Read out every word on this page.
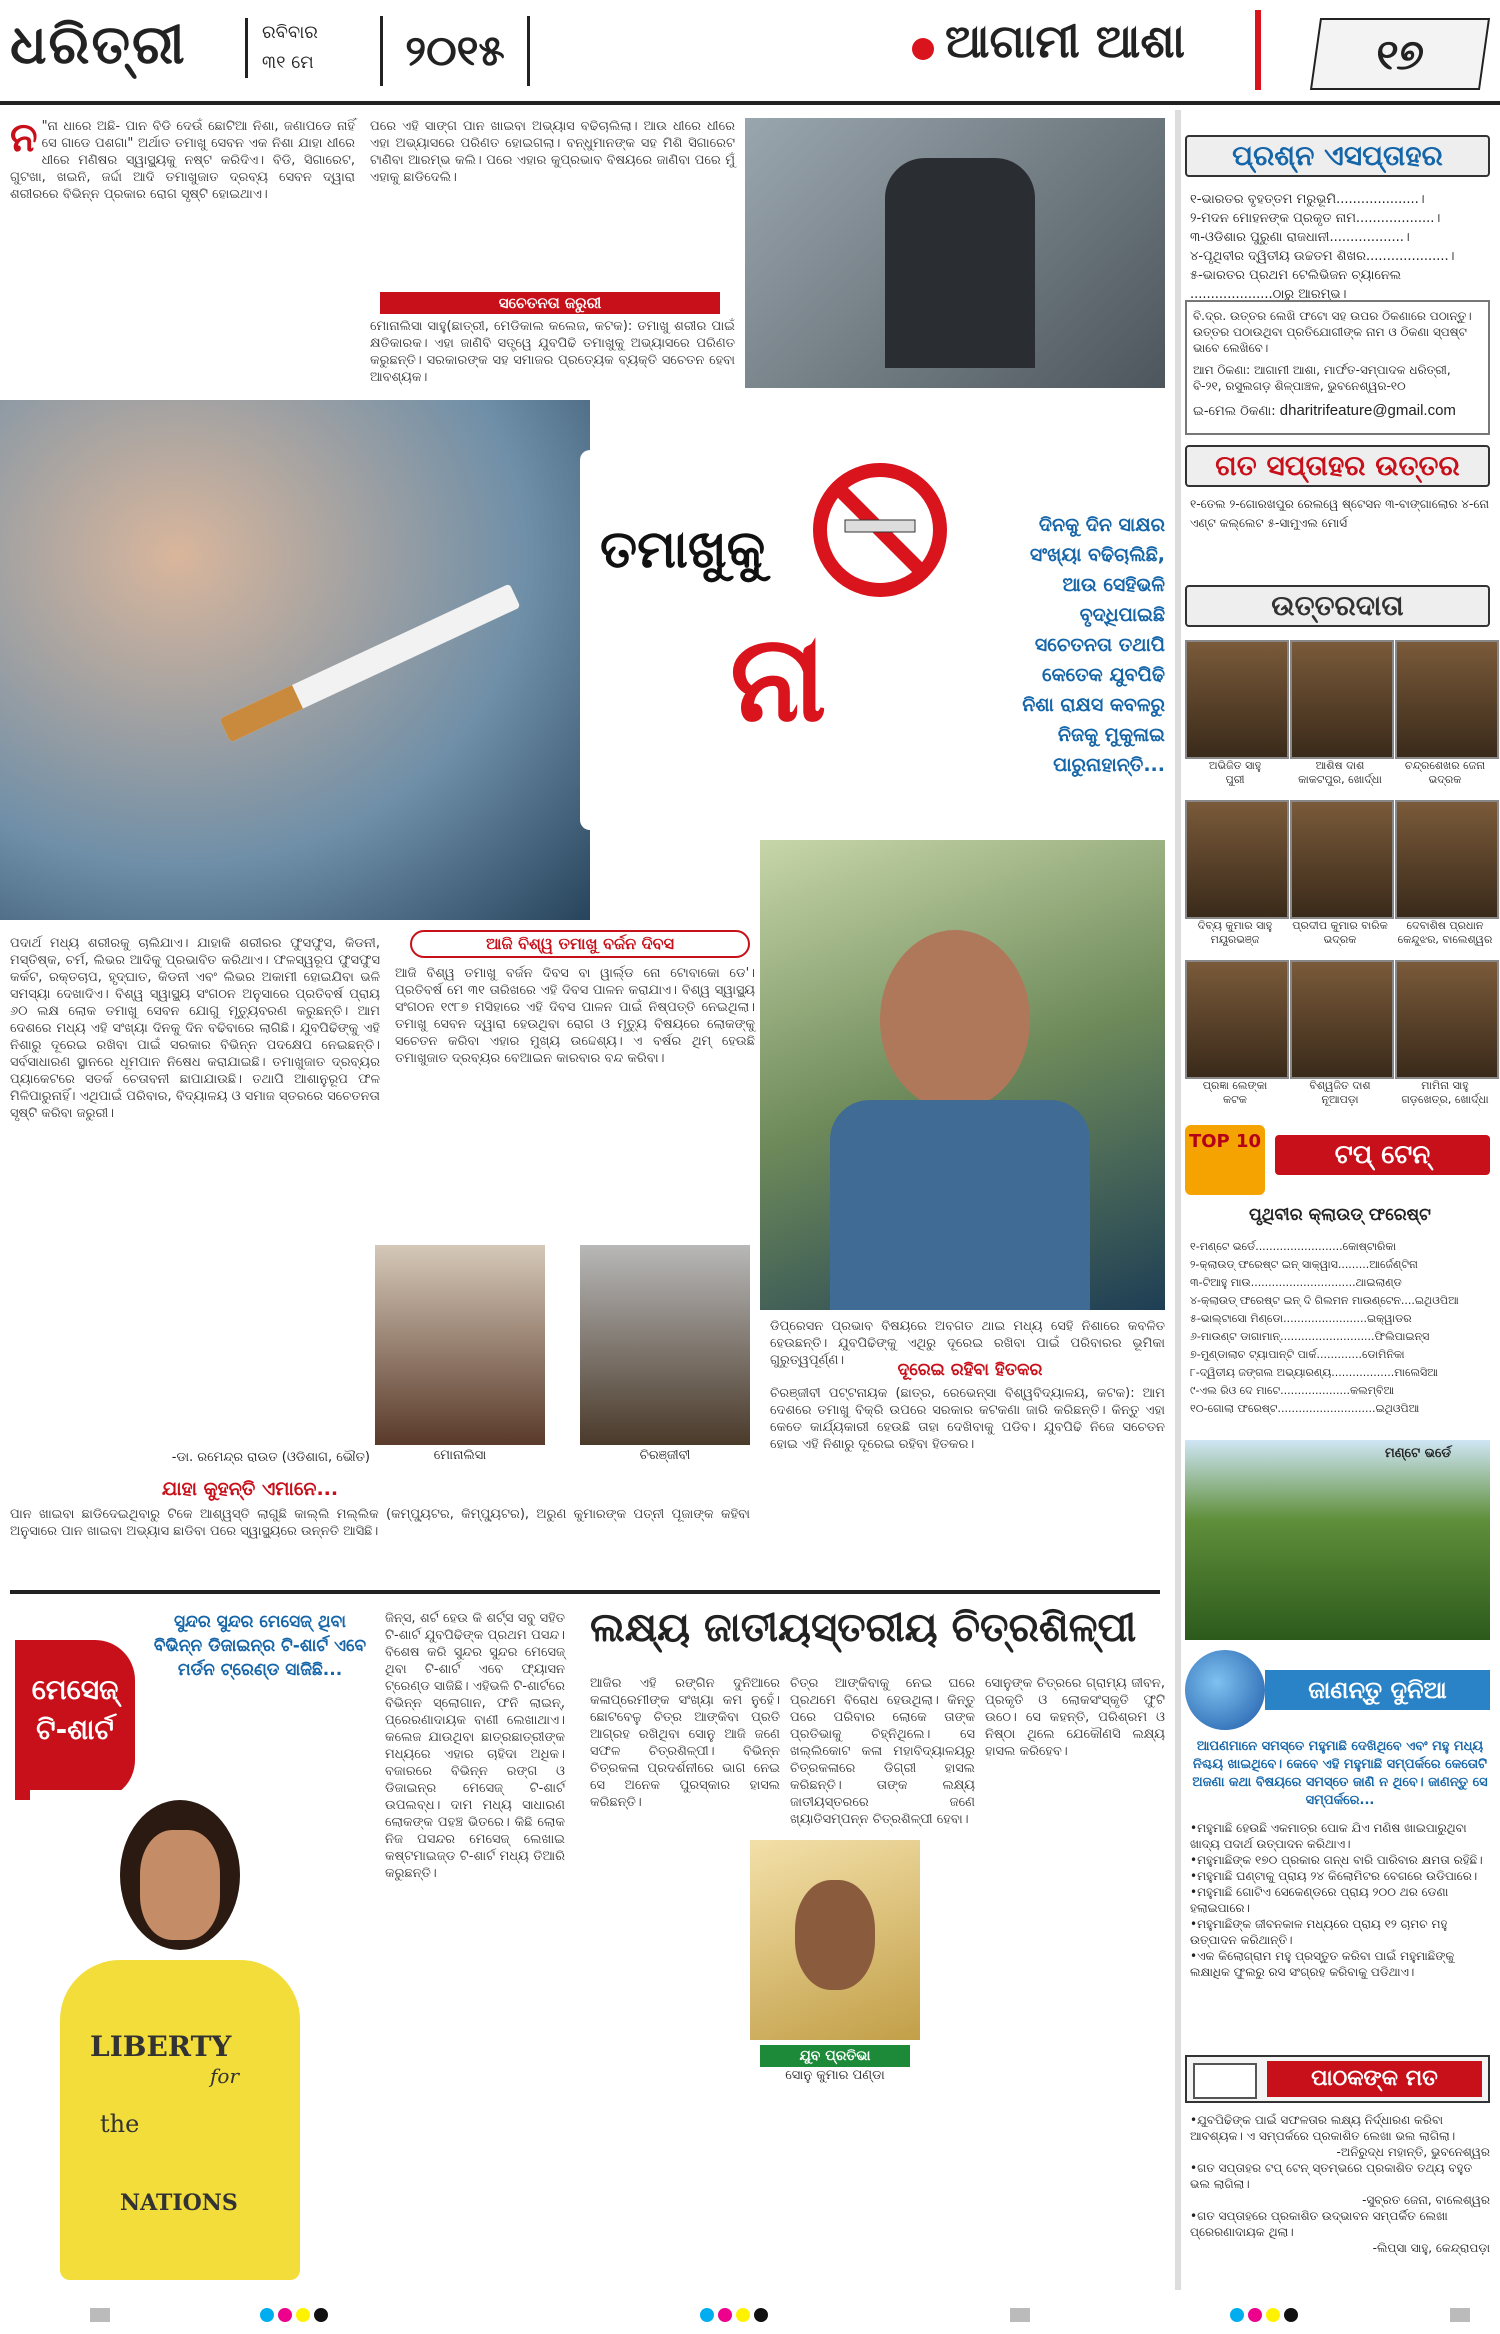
ଧରିତ୍ରୀ	ରବିବାର
୩୧ ମେ	୨୦୧୫	ଆଗାମୀ ଆଶା	୧୭
ନ "ନା ଧାରେ ଅଛି- ପାନ ବିଡି ଦେଉଁ ଛୋଟିଆ ନିଶା, ଜଣାପଡେ ନାହିଁ ସେ ଗାଡେ ପଶଗା" ଅର୍ଥାତ ତମାଖୁ ସେବନ ଏକ ନିଶା ଯାହା ଧୀରେ ଧୀରେ ମଣିଷର ସ୍ୱାସ୍ଥ୍ୟକୁ ନଷ୍ଟ କରିଦିଏ। ବିଡି, ସିଗାରେଟ, ଗୁଟଖା, ଖଇନି, ଜର୍ଦ୍ଦା ଆଦି ତମାଖୁଜାତ ଦ୍ରବ୍ୟ ସେବନ ଦ୍ୱାରା ଶରୀରରେ ବିଭିନ୍ନ ପ୍ରକାର ରୋଗ ସୃଷ୍ଟି ହୋଇଥାଏ।
ପରେ ଏହି ସାଙ୍ଗ ପାନ ଖାଇବା ଅଭ୍ୟାସ ବଢିଚାଲିଲା। ଆଉ ଧୀରେ ଧୀରେ ଏହା ଅଭ୍ୟାସରେ ପରିଣତ ହୋଇଗଲା। ବନ୍ଧୁମାନଙ୍କ ସହ ମିଶି ସିଗାରେଟ ଟାଣିବା ଆରମ୍ଭ କଲି। ପରେ ଏହାର କୁପ୍ରଭାବ ବିଷୟରେ ଜାଣିବା ପରେ ମୁଁ ଏହାକୁ ଛାଡିଦେଲି।
ସଚେତନତା ଜରୁରୀ
ମୋନାଲିସା ସାହୁ(ଛାତ୍ରୀ, ମେଡିକାଲ କଲେଜ, କଟକ): ତମାଖୁ ଶରୀର ପାଇଁ କ୍ଷତିକାରକ। ଏହା ଜାଣିବି ସତ୍ତ୍ୱେ ଯୁବପିଢି ତମାଖୁକୁ ଅଭ୍ୟାସରେ ପରିଣତ କରୁଛନ୍ତି। ସରକାରଙ୍କ ସହ ସମାଜର ପ୍ରତ୍ୟେକ ବ୍ୟକ୍ତି ସଚେତନ ହେବା ଆବଶ୍ୟକ।
ତମାଖୁକୁ
ନା
ଦିନକୁ ଦିନ ସାକ୍ଷର ସଂଖ୍ୟା ବଢିଚାଲିଛି, ଆଉ ସେହିଭଳି ବୃଦ୍ଧିପାଇଛି ସଚେତନତା ତଥାପି କେତେକ ଯୁବପିଢି ନିଶା ରାକ୍ଷସ କବଳରୁ ନିଜକୁ ମୁକୁଳାଇ ପାରୁନାହାନ୍ତି...
ପଦାର୍ଥ ମଧ୍ୟ ଶରୀରକୁ ଚାଲିଯାଏ। ଯାହାକି ଶରୀରର ଫୁସଫୁସ, କିଡନୀ, ମସ୍ତିଷ୍କ, ଚର୍ମ, ଲିଭର ଆଦିକୁ ପ୍ରଭାବିତ କରିଥାଏ। ଫଳସ୍ୱରୂପ ଫୁସଫୁସ କର୍କଟ, ରକ୍ତଚାପ, ହୃଦ୍‌ଘାତ, କିଡନୀ ଏବଂ ଲିଭର ଅକାମୀ ହୋଇଯିବା ଭଳି ସମସ୍ୟା ଦେଖାଦିଏ। ବିଶ୍ୱ ସ୍ୱାସ୍ଥ୍ୟ ସଂଗଠନ ଅନୁସାରେ ପ୍ରତିବର୍ଷ ପ୍ରାୟ ୬୦ ଲକ୍ଷ ଲୋକ ତମାଖୁ ସେବନ ଯୋଗୁ ମୃତ୍ୟୁବରଣ କରୁଛନ୍ତି। ଆମ ଦେଶରେ ମଧ୍ୟ ଏହି ସଂଖ୍ୟା ଦିନକୁ ଦିନ ବଢିବାରେ ଲାଗିଛି। ଯୁବପିଢିଙ୍କୁ ଏହି ନିଶାରୁ ଦୂରେଇ ରଖିବା ପାଇଁ ସରକାର ବିଭିନ୍ନ ପଦକ୍ଷେପ ନେଇଛନ୍ତି। ସର୍ବସାଧାରଣ ସ୍ଥାନରେ ଧୂମପାନ ନିଷେଧ କରାଯାଇଛି। ତମାଖୁଜାତ ଦ୍ରବ୍ୟର ପ୍ୟାକେଟରେ ସତର୍କ ଚେତାବନୀ ଛାପାଯାଉଛି। ତଥାପି ଆଶାନୁରୂପ ଫଳ ମିଳିପାରୁନାହିଁ। ଏଥିପାଇଁ ପରିବାର, ବିଦ୍ୟାଳୟ ଓ ସମାଜ ସ୍ତରରେ ସଚେତନତା ସୃଷ୍ଟି କରିବା ଜରୁରୀ।
-ଡା. ରମେନ୍ଦ୍ର ରାଉତ (ଓଡିଶାଗ, ଭୌତ)
ଆଜି ବିଶ୍ୱ ତମାଖୁ ବର୍ଜନ ଦିବସ
ଆଜି ବିଶ୍ୱ ତମାଖୁ ବର୍ଜନ ଦିବସ ବା ୱାର୍ଲ୍ଡ ନୋ ଟୋବାକୋ ଡେ'। ପ୍ରତିବର୍ଷ ମେ ୩୧ ତାରିଖରେ ଏହି ଦିବସ ପାଳନ କରାଯାଏ। ବିଶ୍ୱ ସ୍ୱାସ୍ଥ୍ୟ ସଂଗଠନ ୧୯୮୭ ମସିହାରେ ଏହି ଦିବସ ପାଳନ ପାଇଁ ନିଷ୍ପତ୍ତି ନେଇଥିଲା। ତମାଖୁ ସେବନ ଦ୍ୱାରା ହେଉଥିବା ରୋଗ ଓ ମୃତ୍ୟୁ ବିଷୟରେ ଲୋକଙ୍କୁ ସଚେତନ କରିବା ଏହାର ମୁଖ୍ୟ ଉଦ୍ଦେଶ୍ୟ। ଏ ବର୍ଷର ଥିମ୍ ହେଉଛି ତମାଖୁଜାତ ଦ୍ରବ୍ୟର ବେଆଇନ କାରବାର ବନ୍ଦ କରିବା।
ମୋନାଲିସା	ଚିରଞ୍ଜୀବୀ
ଡିପ୍ରେସନ ପ୍ରଭାବ ବିଷୟରେ ଅବଗତ ଥାଇ ମଧ୍ୟ ସେହି ନିଶାରେ କବଳିତ ହେଉଛନ୍ତି। ଯୁବପିଢିଙ୍କୁ ଏଥିରୁ ଦୂରେଇ ରଖିବା ପାଇଁ ପରିବାରର ଭୂମିକା ଗୁରୁତ୍ୱପୂର୍ଣ୍ଣ।	ଦୂରେଇ ରହିବା ହିତକର
ଚିରଞ୍ଜୀବୀ ପଟ୍ଟନାୟକ (ଛାତ୍ର, ରେଭେନ୍ସା ବିଶ୍ୱବିଦ୍ୟାଳୟ, କଟକ): ଆମ ଦେଶରେ ତମାଖୁ ବିକ୍ରି ଉପରେ ସରକାର କଟକଣା ଜାରି କରିଛନ୍ତି। କିନ୍ତୁ ଏହା କେତେ କାର୍ଯ୍ୟକାରୀ ହେଉଛି ତାହା ଦେଖିବାକୁ ପଡିବ। ଯୁବପିଢି ନିଜେ ସଚେତନ ହୋଇ ଏହି ନିଶାରୁ ଦୂରେଇ ରହିବା ହିତକର।
ଯାହା କୁହନ୍ତି ଏମାନେ...
ପାନ ଖାଇବା ଛାଡିଦେଇଥିବାରୁ ଟିକେ ଆଶ୍ୱସ୍ତି ଲାଗୁଛି କାଲ୍ଲି ମଲ୍ଲିକ (କମ୍ପ୍ୟୁଟର, କିମ୍ପ୍ୟୁଟର), ଅରୁଣ କୁମାରଙ୍କ ପତ୍ନୀ ପୂଜାଙ୍କ କହିବା ଅନୁସାରେ ପାନ ଖାଇବା ଅଭ୍ୟାସ ଛାଡିବା ପରେ ସ୍ୱାସ୍ଥ୍ୟରେ ଉନ୍ନତି ଆସିଛି।
ମେସେଜ୍ ଟି-ଶାର୍ଟ
ସୁନ୍ଦର ସୁନ୍ଦର ମେସେଜ୍ ଥିବା ବିଭିନ୍ନ ଡିଜାଇନ୍‌ର ଟି-ଶାର୍ଟ ଏବେ ମର୍ଡନ ଟ୍ରେଣ୍ଡ ସାଜିଛି...
LIBERTY
for
the
NATIONS
ଜିନ୍ସ, ଶର୍ଟ ହେଉ କି ଶର୍ଟ୍ସ ସବୁ ସହିତ ଟି-ଶାର୍ଟ ଯୁବପିଢିଙ୍କ ପ୍ରଥମ ପସନ୍ଦ। ବିଶେଷ କରି ସୁନ୍ଦର ସୁନ୍ଦର ମେସେଜ୍ ଥିବା ଟି-ଶାର୍ଟ ଏବେ ଫ୍ୟାସନ ଟ୍ରେଣ୍ଡ ସାଜିଛି। ଏହିଭଳି ଟି-ଶାର୍ଟରେ ବିଭିନ୍ନ ସ୍ଲୋଗାନ, ଫନି ଲାଇନ୍, ପ୍ରେରଣାଦାୟକ ବାଣୀ ଲେଖାଥାଏ। କଲେଜ ଯାଉଥିବା ଛାତ୍ରଛାତ୍ରୀଙ୍କ ମଧ୍ୟରେ ଏହାର ଚାହିଦା ଅଧିକ। ବଜାରରେ ବିଭିନ୍ନ ରଙ୍ଗ ଓ ଡିଜାଇନ୍‌ର ମେସେଜ୍ ଟି-ଶାର୍ଟ ଉପଲବ୍ଧ। ଦାମ ମଧ୍ୟ ସାଧାରଣ ଲୋକଙ୍କ ପହଞ୍ଚ ଭିତରେ। କିଛି ଲୋକ ନିଜ ପସନ୍ଦର ମେସେଜ୍ ଲେଖାଇ କଷ୍ଟମାଇଜ୍ଡ ଟି-ଶାର୍ଟ ମଧ୍ୟ ତିଆରି କରୁଛନ୍ତି।
ଲକ୍ଷ୍ୟ ଜାତୀୟସ୍ତରୀୟ ଚିତ୍ରଶିଳ୍ପୀ
ଆଜିର ଏହି ରଙ୍ଗିନ ଦୁନିଆରେ କଳାପ୍ରେମୀଙ୍କ ସଂଖ୍ୟା କମ ନୁହେଁ। ଛୋଟବେଳୁ ଚିତ୍ର ଆଙ୍କିବା ପ୍ରତି ଆଗ୍ରହ ରଖିଥିବା ସୋନୁ ଆଜି ଜଣେ ସଫଳ ଚିତ୍ରଶିଳ୍ପୀ। ବିଭିନ୍ନ ଚିତ୍ରକଳା ପ୍ରଦର୍ଶନୀରେ ଭାଗ ନେଇ ସେ ଅନେକ ପୁରସ୍କାର ହାସଲ କରିଛନ୍ତି।
ଚିତ୍ର ଆଙ୍କିବାକୁ ନେଇ ଘରେ ପ୍ରଥମେ ବିରୋଧ ହେଉଥିଲା। କିନ୍ତୁ ପରେ ପରିବାର ଲୋକେ ତାଙ୍କ ପ୍ରତିଭାକୁ ଚିହ୍ନିଥିଲେ। ସେ ଖଲ୍ଲିକୋଟ କଳା ମହାବିଦ୍ୟାଳୟରୁ ଚିତ୍ରକଳାରେ ଡିଗ୍ରୀ ହାସଲ କରିଛନ୍ତି। ତାଙ୍କ ଲକ୍ଷ୍ୟ ଜାତୀୟସ୍ତରରେ ଜଣେ ଖ୍ୟାତିସମ୍ପନ୍ନ ଚିତ୍ରଶିଳ୍ପୀ ହେବା।
ସୋନୁଙ୍କ ଚିତ୍ରରେ ଗ୍ରାମ୍ୟ ଜୀବନ, ପ୍ରକୃତି ଓ ଲୋକସଂସ୍କୃତି ଫୁଟି ଉଠେ। ସେ କହନ୍ତି, ପରିଶ୍ରମ ଓ ନିଷ୍ଠା ଥିଲେ ଯେକୌଣସି ଲକ୍ଷ୍ୟ ହାସଲ କରିହେବ।
ଯୁବ ପ୍ରତିଭା
ସୋନୁ କୁମାର ପଣ୍ଡା
ପ୍ରଶ୍ନ ଏସପ୍ତାହର
୧-ଭାରତର ବୃହତ୍ତମ ମରୁଭୂମି....................।
୨-ମଦନ ମୋହନଙ୍କ ପ୍ରକୃତ ନାମ...................।
୩-ଓଡିଶାର ପୁରୁଣା ରାଜଧାନୀ..................।
୪-ପୃଥିବୀର ଦ୍ୱିତୀୟ ଉଚ୍ଚତମ ଶିଖର....................।
୫-ଭାରତର ପ୍ରଥମ ଟେଲିଭିଜନ ଚ୍ୟାନେଲ ....................ଠାରୁ ଆରମ୍ଭ।
ବି.ଦ୍ର. ଉତ୍ତର ଲେଖି ଫଟୋ ସହ ଉପର ଠିକଣାରେ ପଠାନ୍ତୁ। ଉତ୍ତର ପଠାଉଥିବା ପ୍ରତିଯୋଗୀଙ୍କ ନାମ ଓ ଠିକଣା ସ୍ପଷ୍ଟ ଭାବେ ଲେଖିବେ।
ଆମ ଠିକଣା: ଆଗାମୀ ଆଶା, ମାର୍ଫତ-ସମ୍ପାଦକ ଧରିତ୍ରୀ, ବି-୨୧, ରସୁଲଗଡ଼ ଶିଳ୍ପାଞ୍ଚଳ, ଭୁବନେଶ୍ୱର-୧୦
ଇ-ମେଲ ଠିକଣା: dharitrifeature@gmail.com
ଗତ ସପ୍ତାହର ଉତ୍ତର
୧-ତେଲ ୨-ଗୋରଖପୁର ରେଲୱେ ଷ୍ଟେସନ ୩-ବାଙ୍ଗାଲୋର ୪-ନୋ ଏଣ୍ଟ କଲ୍ଲେଟ ୫-ସାମୁଏଲ ମୋର୍ସ
ଉତ୍ତରଦାତା
ଅଭିଜିତ ସାହୁ
ପୁରୀ
ଆଶିଷ ଦାଶ
କାକଟପୁର, ଖୋର୍ଦ୍ଧା
ଚନ୍ଦ୍ରଶେଖର ଜେନା
ଭଦ୍ରକ
ଦିବ୍ୟ କୁମାର ସାହୁ
ମୟୂରଭଞ୍ଜ
ପ୍ରଦୀପ କୁମାର ବାରିକ
ଭଦ୍ରକ
ଦେବାଶିଷ ପ୍ରଧାନ
କେନ୍ଦୁଝର, ବାଲେଶ୍ୱର
ପ୍ରଜ୍ଞା ଲେଙ୍କା
କଟକ
ବିଶ୍ୱଜିତ ଦାଶ
ନୂଆପଡ଼ା
ମାମିନା ସାହୁ
ଗଡ଼ଖେତ୍ର, ଖୋର୍ଦ୍ଧା
TOP 10	ଟପ୍ ଟେନ୍
ପୃଥିବୀର କ୍ଲାଉଡ୍ ଫରେଷ୍ଟ
୧-ମଣ୍ଟେ ଭର୍ଡେ.........................କୋଷ୍ଟାରିକା
୨-କ୍ଲାଉଡ୍ ଫରେଷ୍ଟ ଇନ୍ ସାକ୍ୱାସ.........ଆର୍ଜେଣ୍ଟିନା
୩-ଟିଆହୁ ମାଉ..............................ଥାଇଲାଣ୍ଡ
୪-କ୍ଲାଉଡ୍ ଫରେଷ୍ଟ ଇନ୍ ଦି ଗିଲମନ ମାଉଣ୍ଟେନ....ଇଥିଓପିଆ
୫-ଭାଲ୍ଟାସୋ ମିଣ୍ଡୋ........................ଇକ୍ୱାଡର
୬-ମାଉଣ୍ଟ ଡାଗାମାନ୍...........................ଫିଲିପାଇନ୍ସ
୭-ମୁଣ୍ଡାଲାଚ ଟ୍ୟାପାନ୍‌ଟି ପାର୍କ.............ଡୋମିନିକା
୮-ଦ୍ୱିତୀୟ ଜଙ୍ଗଲ ଅଭ୍ୟାରଣ୍ୟ..................ମାଲେସିଆ
୯-ଏଲ ରିଓ ଦେ ମାଟେ....................କଲମ୍ବିଆ
୧୦-ଗୋଲା ଫରେଷ୍ଟ............................ଇଥିଓପିଆ
ମଣ୍ଟେ ଭର୍ଡେ
ଜାଣନ୍ତୁ ଦୁନିଆ
ଆପଣମାନେ ସମସ୍ତେ ମହୁମାଛି ଦେଖିଥିବେ ଏବଂ ମହୁ ମଧ୍ୟ ନିଶ୍ଚୟ ଖାଇଥିବେ। କେବେ ଏହି ମହୁମାଛି ସମ୍ପର୍କରେ କେତୋଟି ଅଜଣା କଥା ବିଷୟରେ ସମସ୍ତେ ଜାଣି ନ ଥିବେ। ଜାଣନ୍ତୁ ସେ ସମ୍ପର୍କରେ...
•ମହୁମାଛି ହେଉଛି ଏକମାତ୍ର ପୋକ ଯିଏ ମଣିଷ ଖାଇପାରୁଥିବା ଖାଦ୍ୟ ପଦାର୍ଥ ଉତ୍ପାଦନ କରିଥାଏ।
•ମହୁମାଛିଙ୍କ ୧୭୦ ପ୍ରକାର ଗନ୍ଧ ବାରି ପାରିବାର କ୍ଷମତା ରହିଛି।
•ମହୁମାଛି ଘଣ୍ଟାକୁ ପ୍ରାୟ ୨୪ କିଲୋମିଟର ବେଗରେ ଉଡିପାରେ।
•ମହୁମାଛି ଗୋଟିଏ ସେକେଣ୍ଡରେ ପ୍ରାୟ ୨୦୦ ଥର ଡେଣା ହଲାଇପାରେ।
•ମହୁମାଛିଙ୍କ ଜୀବନକାଳ ମଧ୍ୟରେ ପ୍ରାୟ ୧୨ ଚାମଚ ମହୁ ଉତ୍ପାଦନ କରିଥାନ୍ତି।
•ଏକ କିଲୋଗ୍ରାମ ମହୁ ପ୍ରସ୍ତୁତ କରିବା ପାଇଁ ମହୁମାଛିଙ୍କୁ ଲକ୍ଷାଧିକ ଫୁଲରୁ ରସ ସଂଗ୍ରହ କରିବାକୁ ପଡିଥାଏ।
ପାଠକଙ୍କ ମତ
•ଯୁବପିଢିଙ୍କ ପାଇଁ ସଫଳତାର ଲକ୍ଷ୍ୟ ନିର୍ଦ୍ଧାରଣ କରିବା ଆବଶ୍ୟକ। ଏ ସମ୍ପର୍କରେ ପ୍ରକାଶିତ ଲେଖା ଭଲ ଲାଗିଲା।
-ଅନିରୁଦ୍ଧ ମହାନ୍ତି, ଭୁବନେଶ୍ୱର
•ଗତ ସପ୍ତାହର ଟପ୍ ଟେନ୍ ସ୍ତମ୍ଭରେ ପ୍ରକାଶିତ ତଥ୍ୟ ବହୁତ ଭଲ ଲାଗିଲା।
-ସୁବ୍ରତ ଜେନା, ବାଲେଶ୍ୱର
•ଗତ ସପ୍ତାହରେ ପ୍ରକାଶିତ ଉଦ୍ଭାବନ ସମ୍ପର୍କିତ ଲେଖା ପ୍ରେରଣାଦାୟକ ଥିଲା।
-ଲିପ୍ସା ସାହୁ, କେନ୍ଦ୍ରାପଡ଼ା
